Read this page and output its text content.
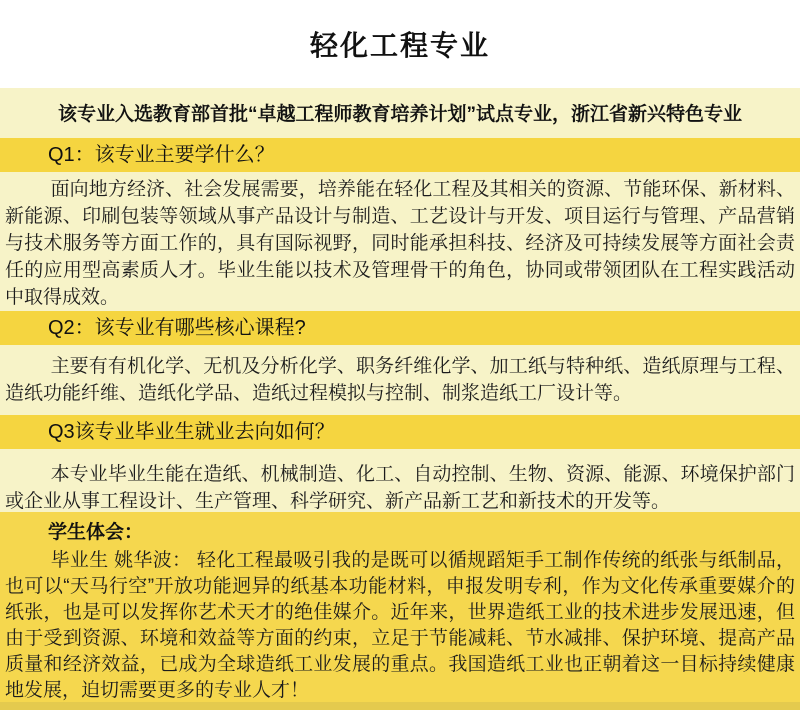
轻化工程专业

该专业入选教育部首批“卓越工程师教育培养计划”试点专业，浙江省新兴特色专业

Q1：该专业主要学什么？

面向地方经济、社会发展需要，培养能在轻化工程及其相关的资源、节能环保、新材料、新能源、印刷包装等领域从事产品设计与制造、工艺设计与开发、项目运行与管理、产品营销与技术服务等方面工作的，具有国际视野，同时能承担科技、经济及可持续发展等方面社会责任的应用型高素质人才。毕业生能以技术及管理骨干的角色，协同或带领团队在工程实践活动中取得成效。

Q2：该专业有哪些核心课程?

主要有有机化学、无机及分析化学、职务纤维化学、加工纸与特种纸、造纸原理与工程、造纸功能纤维、造纸化学品、造纸过程模拟与控制、制浆造纸工厂设计等。

Q3该专业毕业生就业去向如何？

本专业毕业生能在造纸、机械制造、化工、自动控制、生物、资源、能源、环境保护部门或企业从事工程设计、生产管理、科学研究、新产品新工艺和新技术的开发等。

学生体会：

毕业生 姚华波： 轻化工程最吸引我的是既可以循规蹈矩手工制作传统的纸张与纸制品，也可以“天马行空”开放功能迥异的纸基本功能材料，申报发明专利，作为文化传承重要媒介的纸张，也是可以发挥你艺术天才的绝佳媒介。近年来，世界造纸工业的技术进步发展迅速，但由于受到资源、环境和效益等方面的约束，立足于节能减耗、节水减排、保护环境、提高产品质量和经济效益，已成为全球造纸工业发展的重点。我国造纸工业也正朝着这一目标持续健康地发展，迫切需要更多的专业人才！
